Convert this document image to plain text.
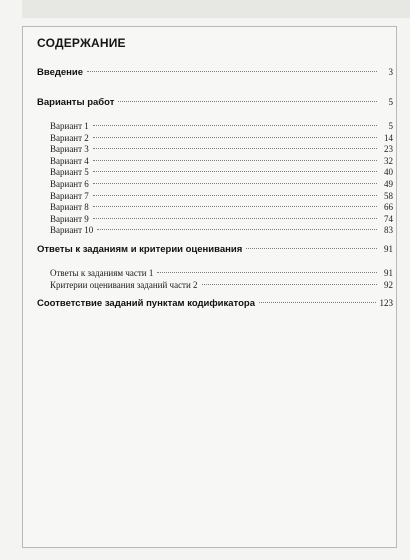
СОДЕРЖАНИЕ
Введение	3
Варианты работ	5
Вариант 1	5
Вариант 2	14
Вариант 3	23
Вариант 4	32
Вариант 5	40
Вариант 6	49
Вариант 7	58
Вариант 8	66
Вариант 9	74
Вариант 10	83
Ответы к заданиям и критерии оценивания	91
Ответы к заданиям части 1	91
Критерии оценивания заданий части 2	92
Соответствие заданий пунктам кодификатора	123
